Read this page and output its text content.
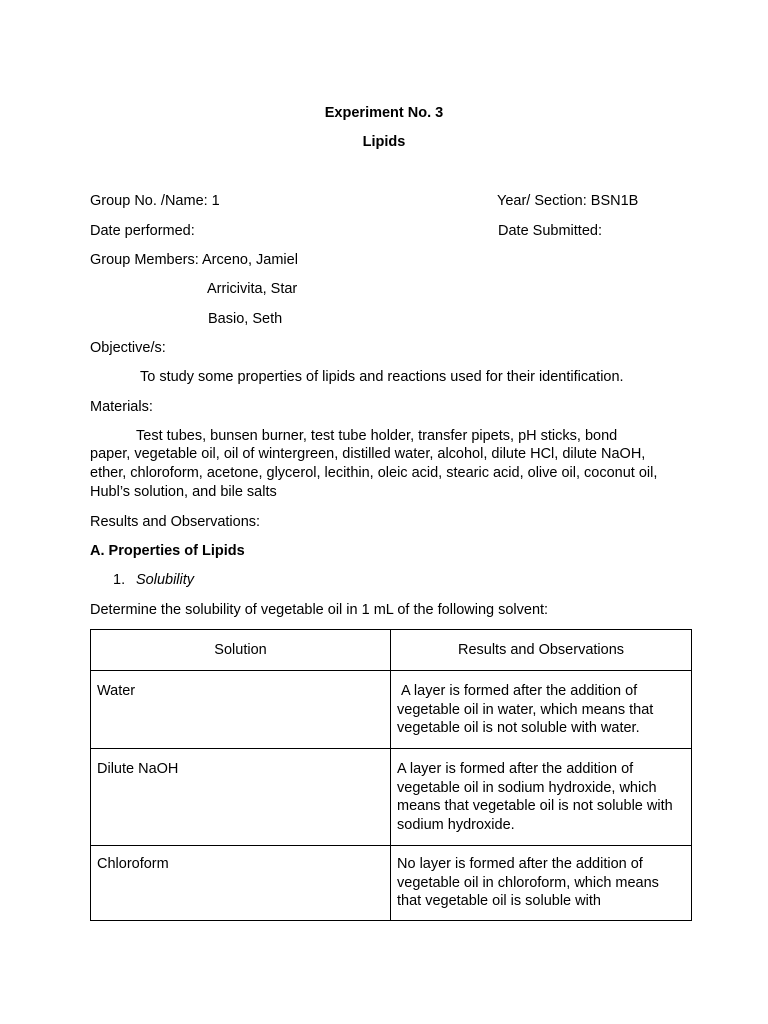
Experiment No. 3
Lipids
Group No. /Name: 1	Year/ Section: BSN1B
Date performed:	Date Submitted:
Group Members: Arceno, Jamiel
Arricivita, Star
Basio, Seth
Objective/s:
To study some properties of lipids and reactions used for their identification.
Materials:
Test tubes, bunsen burner, test tube holder, transfer pipets, pH sticks, bond
paper, vegetable oil, oil of wintergreen, distilled water, alcohol, dilute HCl, dilute NaOH,
ether, chloroform, acetone, glycerol, lecithin, oleic acid, stearic acid, olive oil, coconut oil,
Hubl’s solution, and bile salts
Results and Observations:
A. Properties of Lipids
1. Solubility
Determine the solubility of vegetable oil in 1 mL of the following solvent:
Solution	Results and Observations

Water	A layer is formed after the addition of vegetable oil in water, which means that vegetable oil is not soluble with water.

Dilute NaOH	A layer is formed after the addition of vegetable oil in sodium hydroxide, which means that vegetable oil is not soluble with sodium hydroxide.

Chloroform	No layer is formed after the addition of vegetable oil in chloroform, which means that vegetable oil is soluble with
